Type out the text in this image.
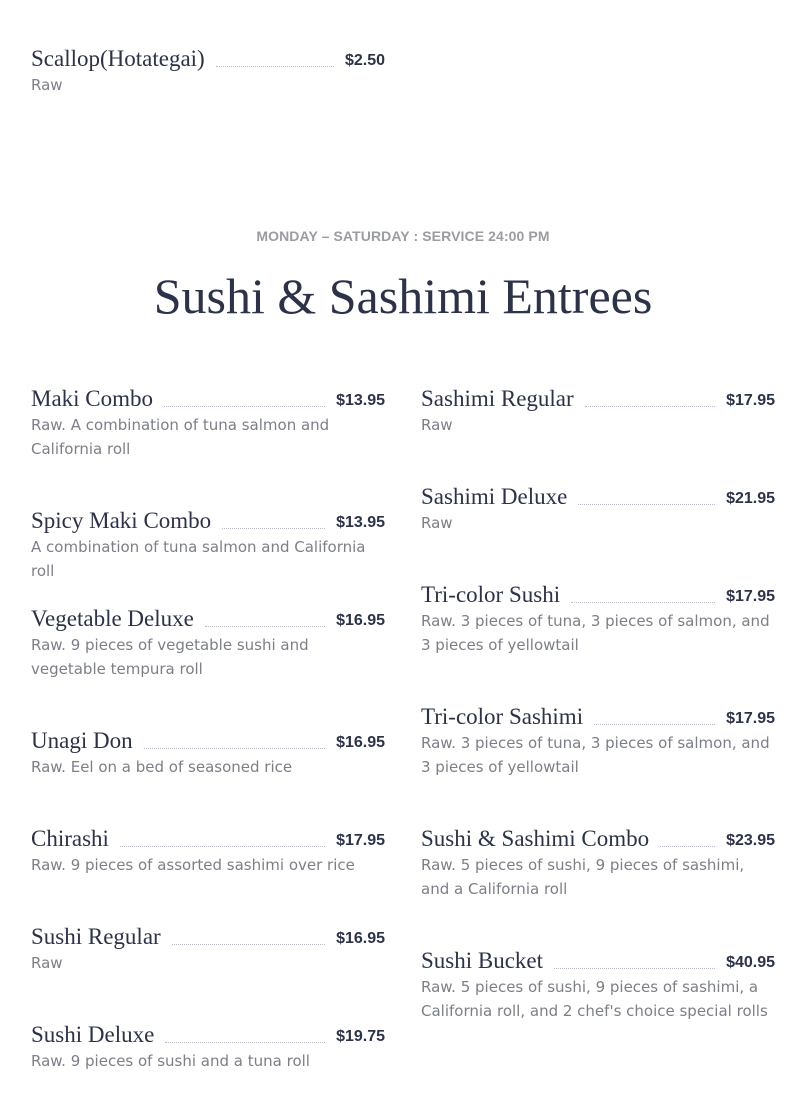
Scallop(Hotategai)	$2.50
Raw
MONDAY – SATURDAY : SERVICE 24:00 PM
Sushi & Sashimi Entrees
Maki Combo	$13.95
Raw. A combination of tuna salmon and California roll
Spicy Maki Combo	$13.95
A combination of tuna salmon and California roll
Vegetable Deluxe	$16.95
Raw. 9 pieces of vegetable sushi and vegetable tempura roll
Unagi Don	$16.95
Raw. Eel on a bed of seasoned rice
Chirashi	$17.95
Raw. 9 pieces of assorted sashimi over rice
Sushi Regular	$16.95
Raw
Sushi Deluxe	$19.75
Raw. 9 pieces of sushi and a tuna roll
Sashimi Regular	$17.95
Raw
Sashimi Deluxe	$21.95
Raw
Tri-color Sushi	$17.95
Raw. 3 pieces of tuna, 3 pieces of salmon, and 3 pieces of yellowtail
Tri-color Sashimi	$17.95
Raw. 3 pieces of tuna, 3 pieces of salmon, and 3 pieces of yellowtail
Sushi & Sashimi Combo	$23.95
Raw. 5 pieces of sushi, 9 pieces of sashimi, and a California roll
Sushi Bucket	$40.95
Raw. 5 pieces of sushi, 9 pieces of sashimi, a California roll, and 2 chef's choice special rolls
